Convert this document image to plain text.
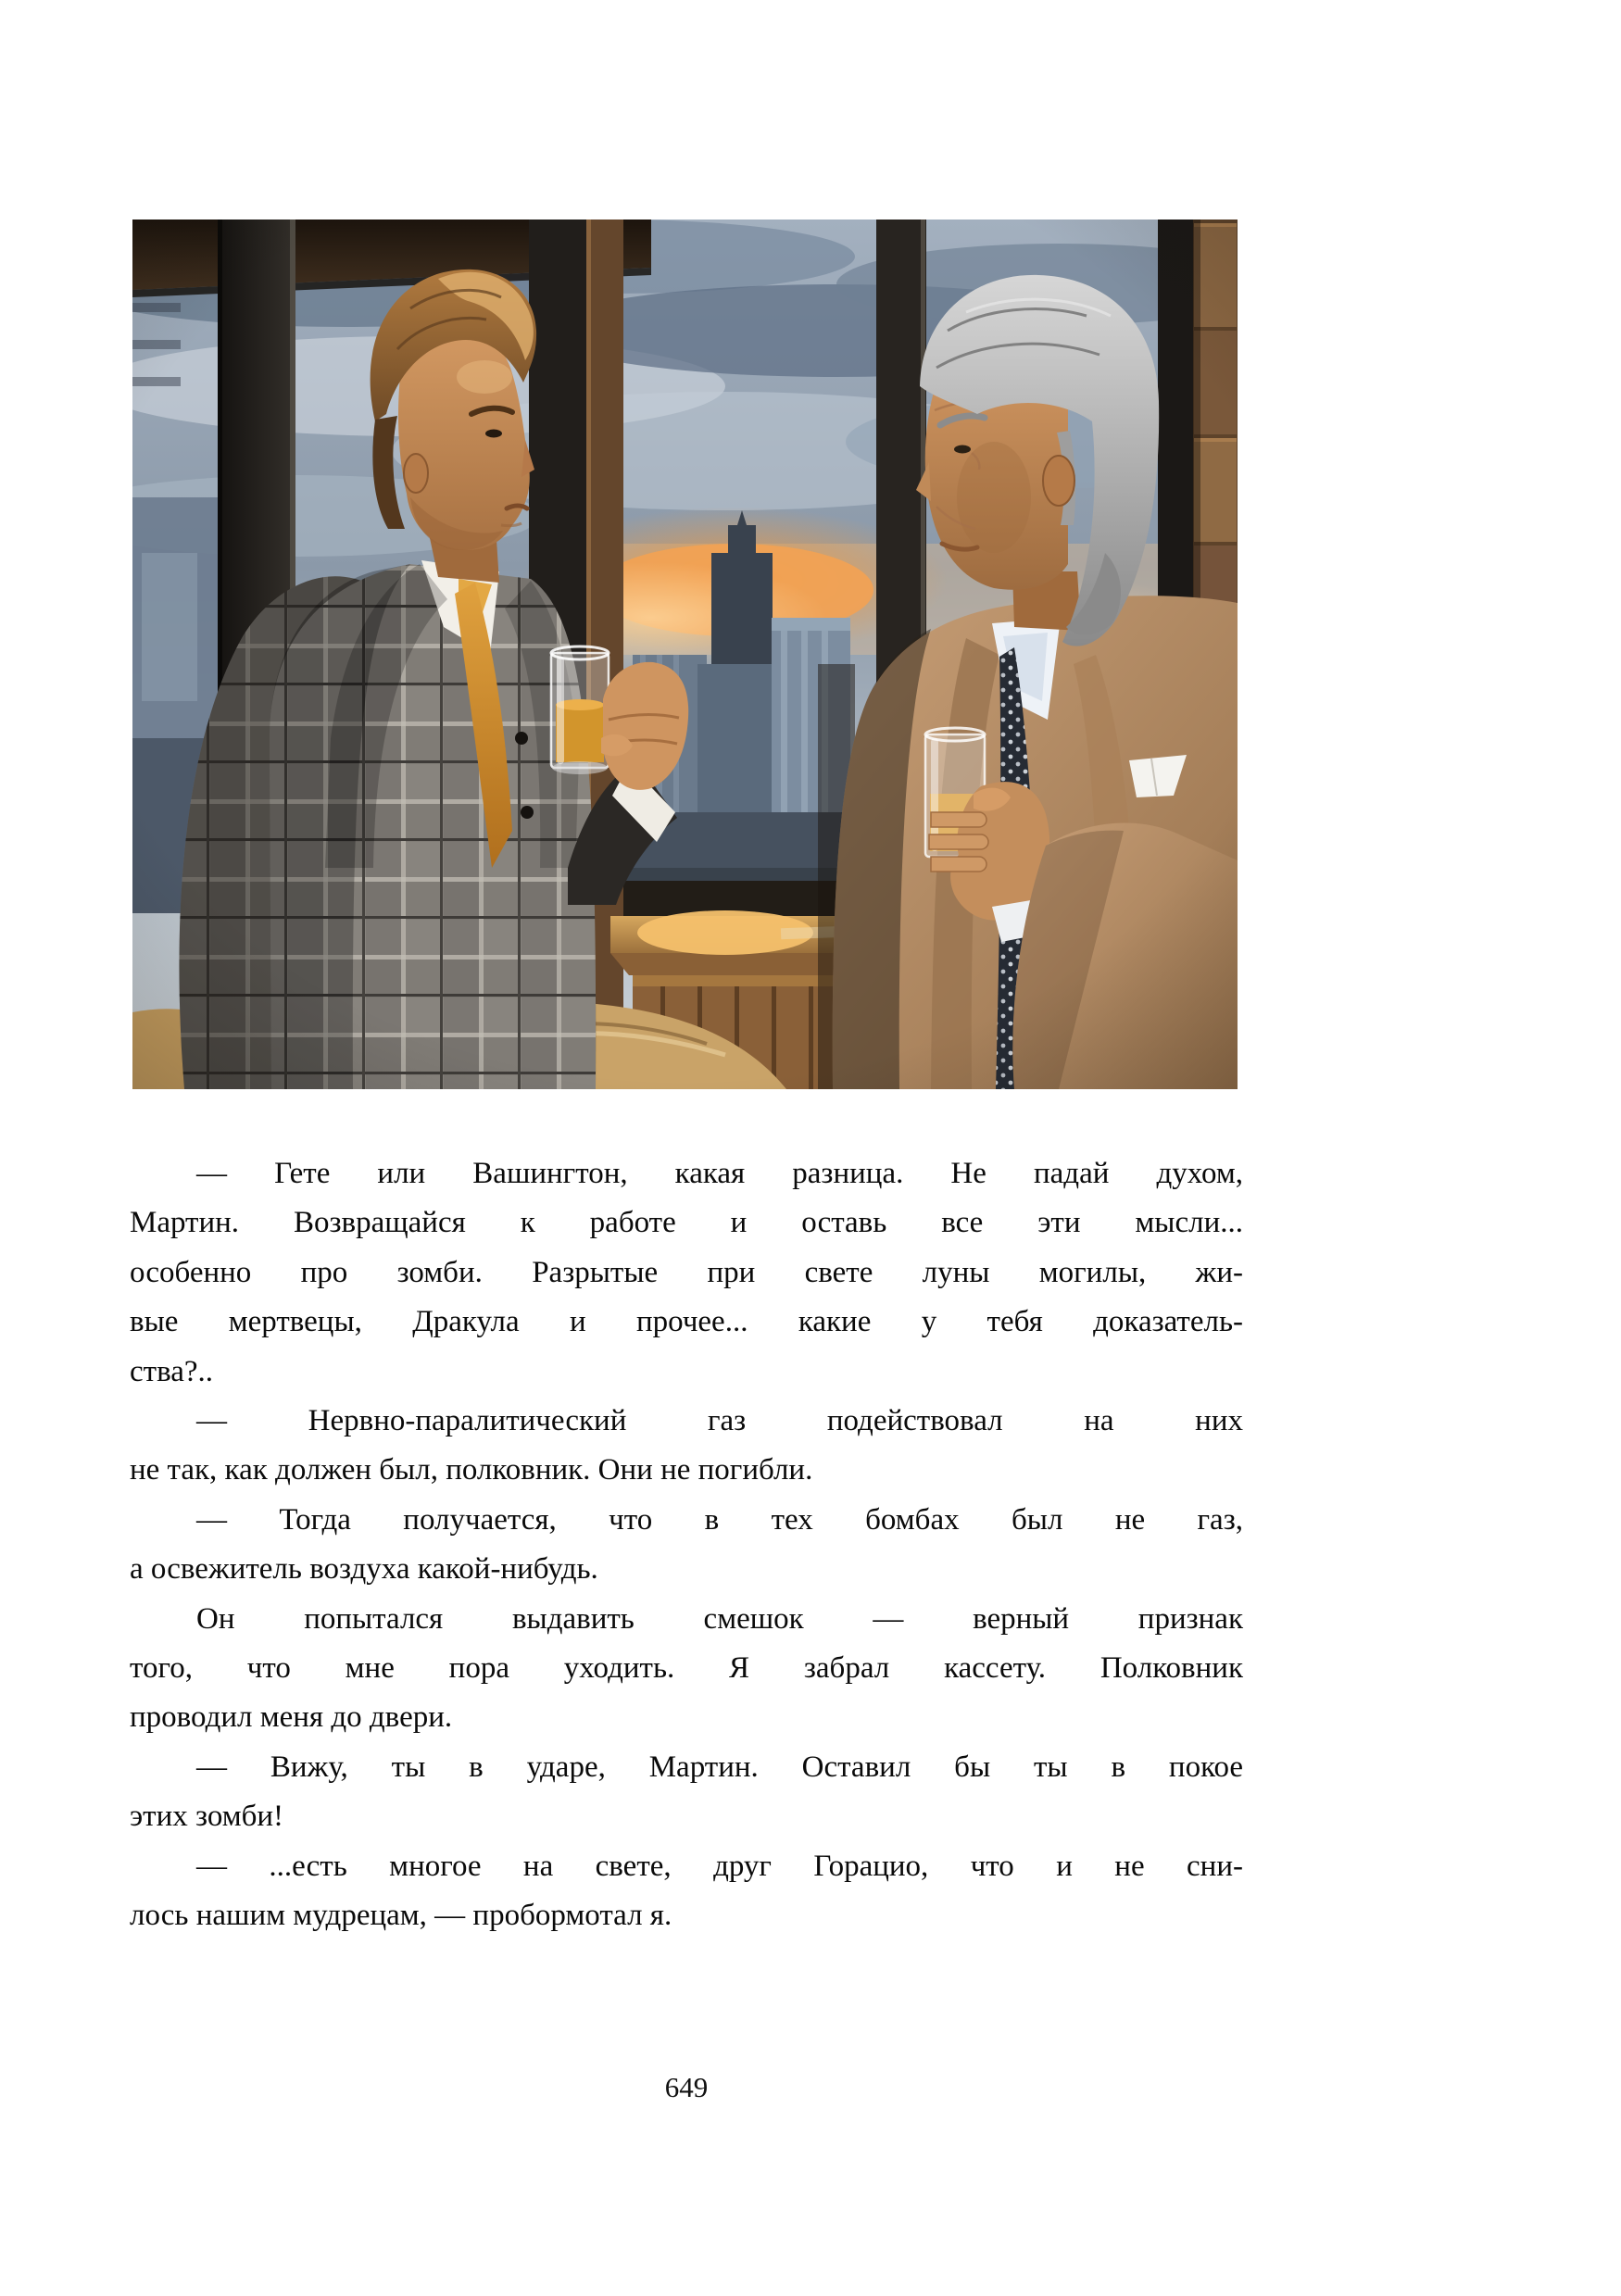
— Гете или Вашингтон, какая разница. Не падай духом,
Мартин. Возвращайся к работе и оставь все эти мысли...
особенно про зомби. Разрытые при свете луны могилы, жи-
вые мертвецы, Дракула и прочее... какие у тебя доказатель-
ства?..
— Нервно-паралитический газ подействовал на них
не так, как должен был, полковник. Они не погибли.
— Тогда получается, что в тех бомбах был не газ,
а освежитель воздуха какой-нибудь.
Он попытался выдавить смешок — верный признак
того, что мне пора уходить. Я забрал кассету. Полковник
проводил меня до двери.
— Вижу, ты в ударе, Мартин. Оставил бы ты в покое
этих зомби!
— ...есть многое на свете, друг Горацио, что и не сни-
лось нашим мудрецам, — пробормотал я.
649
